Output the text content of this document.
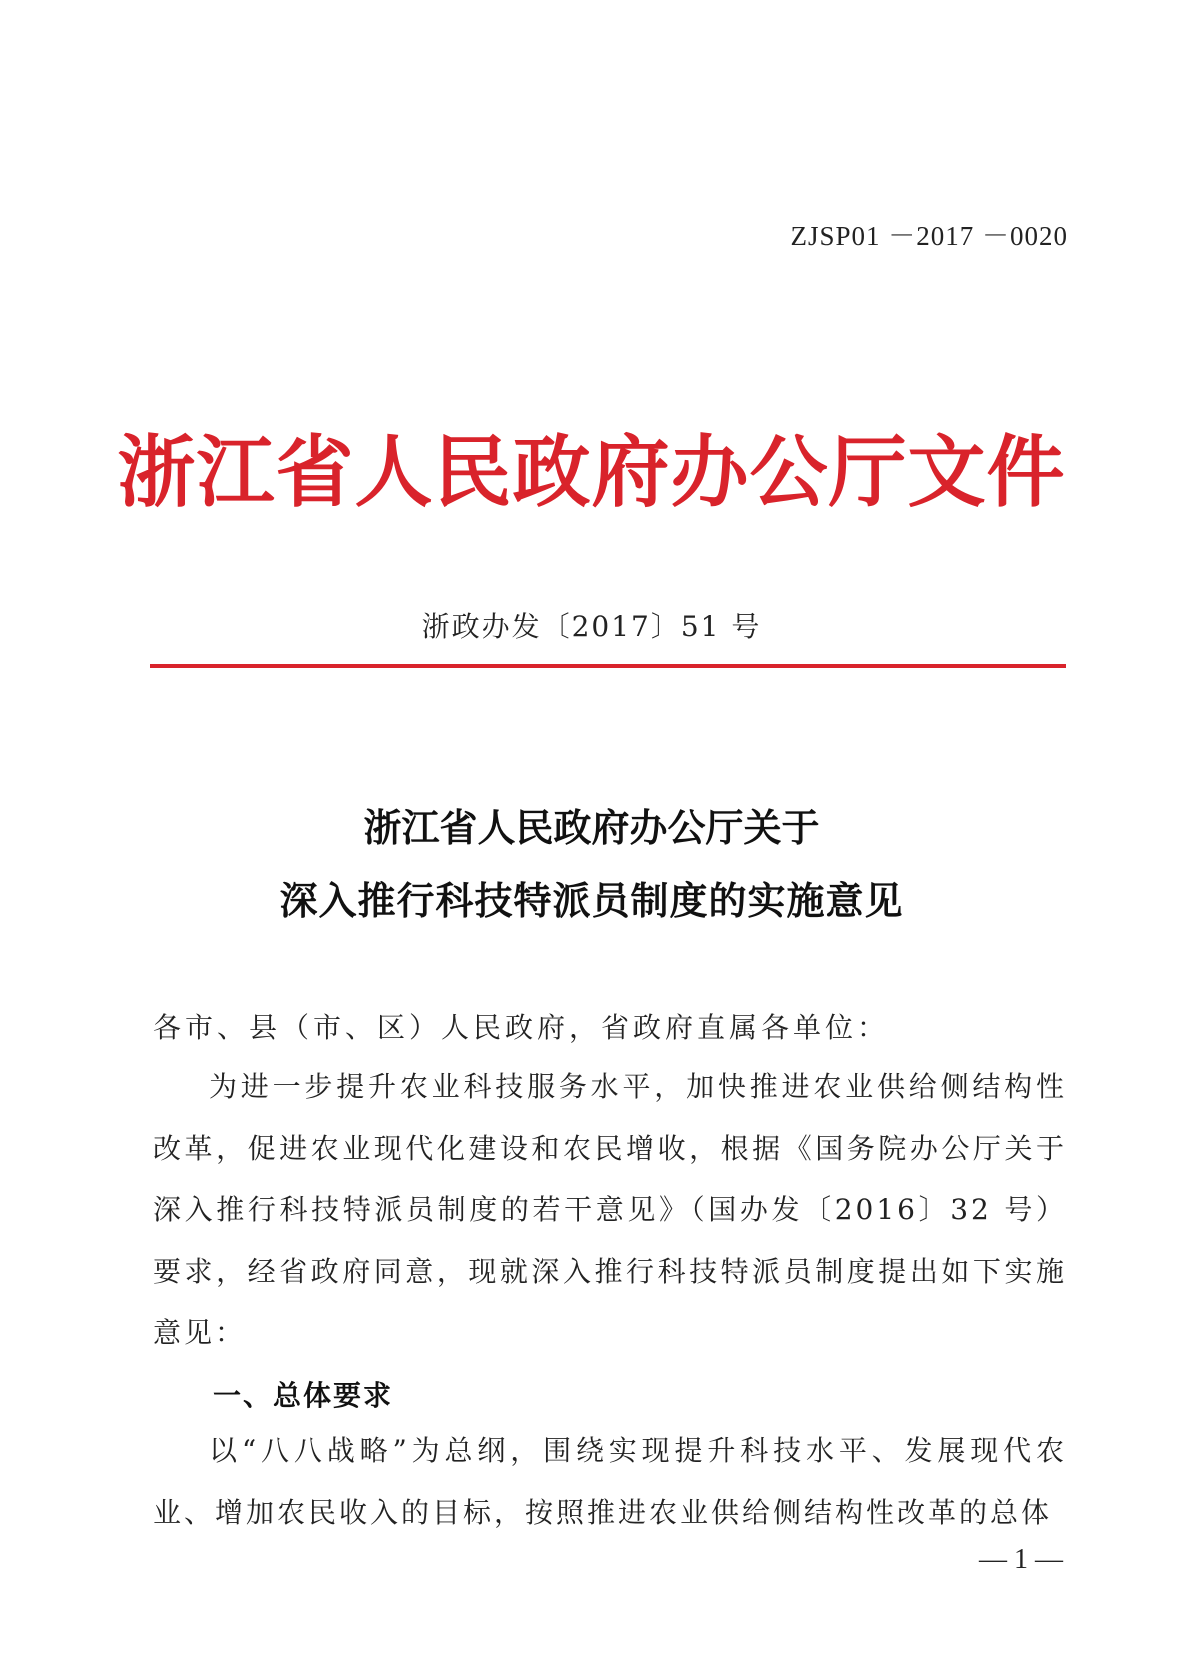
ZJSP01 －2017 －0020
浙江省人民政府办公厅文件
浙政办发〔2017〕51 号
浙江省人民政府办公厅关于
深入推行科技特派员制度的实施意见
各市、县（市、区）人民政府，省政府直属各单位：
为进一步提升农业科技服务水平，加快推进农业供给侧结构性改革，促进农业现代化建设和农民增收，根据《国务院办公厅关于深入推行科技特派员制度的若干意见》（国办发〔2016〕32 号）要求，经省政府同意，现就深入推行科技特派员制度提出如下实施意见：
一、总体要求
以“八八战略”为总纲，围绕实现提升科技水平、发展现代农业、增加农民收入的目标，按照推进农业供给侧结构性改革的总体
— 1 —
